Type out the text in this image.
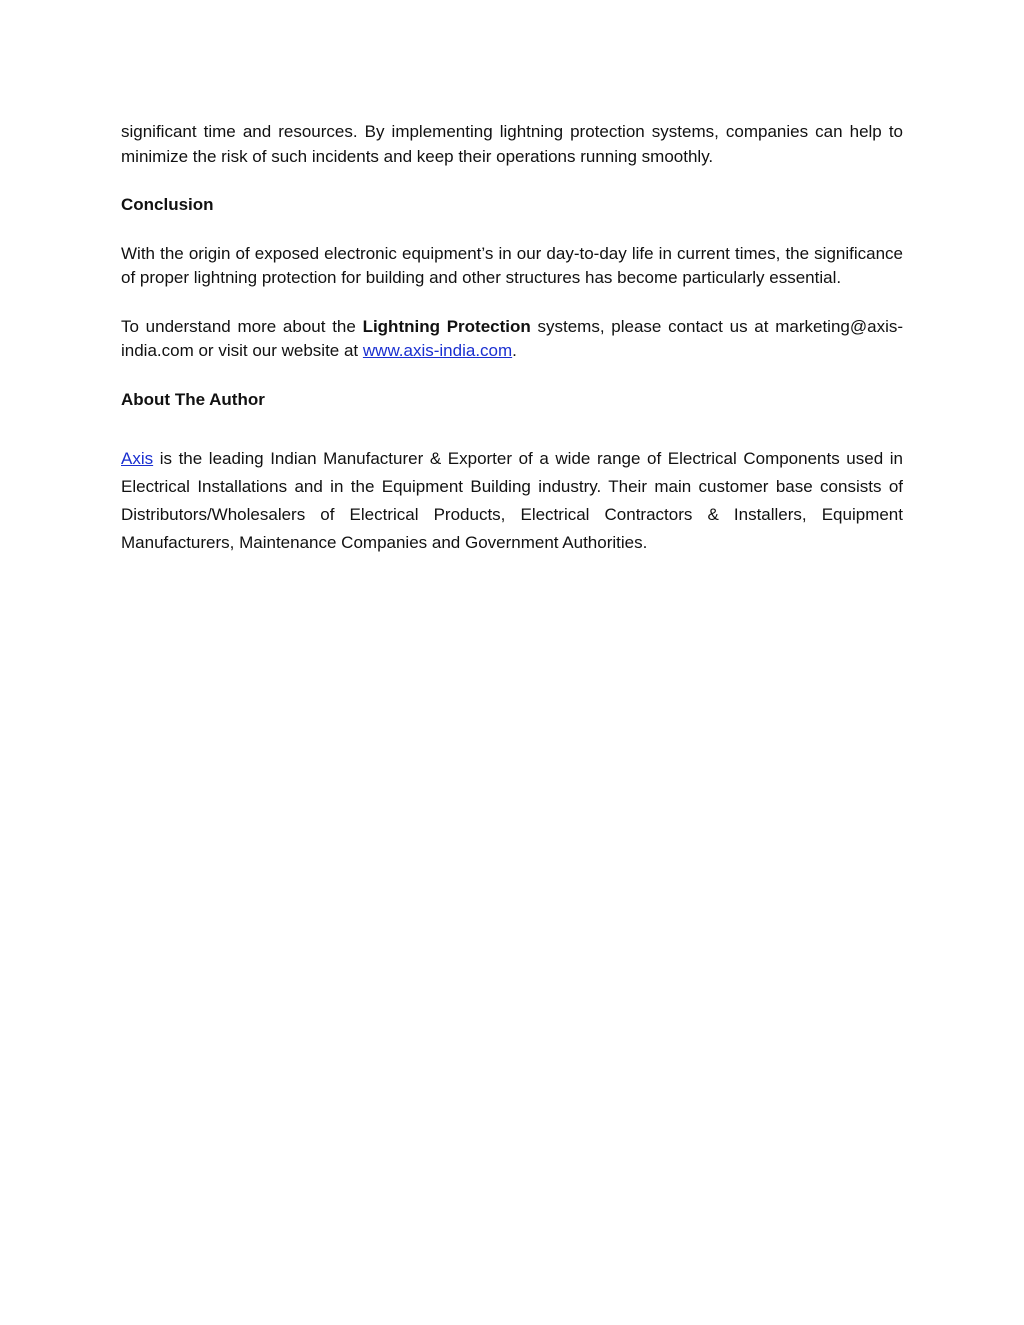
significant time and resources. By implementing lightning protection systems, companies can help to minimize the risk of such incidents and keep their operations running smoothly.

Conclusion

With the origin of exposed electronic equipment’s in our day-to-day life in current times, the significance of proper lightning protection for building and other structures has become particularly essential.

To understand more about the Lightning Protection systems, please contact us at marketing@axis-india.com or visit our website at www.axis-india.com.

About The Author

Axis is the leading Indian Manufacturer & Exporter of a wide range of Electrical Components used in Electrical Installations and in the Equipment Building industry. Their main customer base consists of Distributors/Wholesalers of Electrical Products, Electrical Contractors & Installers, Equipment Manufacturers, Maintenance Companies and Government Authorities.
